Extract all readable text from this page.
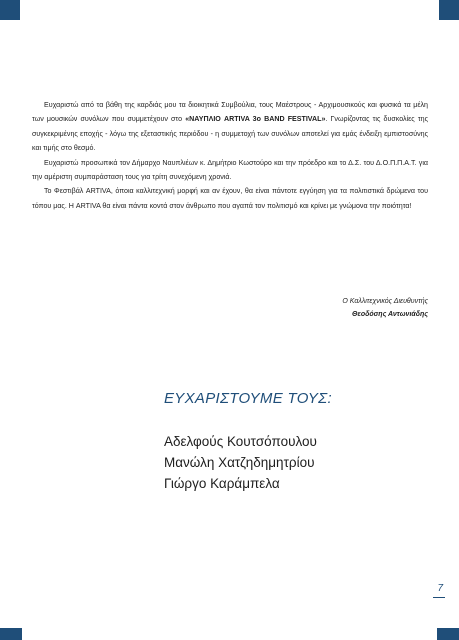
Ευχαριστώ από τα βάθη της καρδιάς μου τα διοικητικά Συμβούλια, τους Μαέστρους - Αρχιμουσικούς και φυσικά τα μέλη των μουσικών συνόλων που συμμετέχουν στο «ΝΑΥΠΛΙΟ ARTIVA 3ο BAND FESTIVAL». Γνωρίζοντας τις δυσκολίες της συγκεκριμένης εποχής - λόγω της εξεταστικής περιόδου - η συμμετοχή των συνόλων αποτελεί για εμάς ένδειξη εμπιστοσύνης και τιμής στο θεσμό.

Ευχαριστώ προσωπικά τον Δήμαρχο Ναυπλιέων κ. Δημήτριο Κωστούρο και την πρόεδρο και το Δ.Σ. του Δ.Ο.Π.Π.Α.Τ. για την αμέριστη συμπαράσταση τους για τρίτη συνεχόμενη χρονιά.

Το Φεστιβάλ ARTIVA, όποια καλλιτεχνική μορφή και αν έχουν, θα είναι πάντοτε εγγύηση για τα πολιτιστικά δρώμενα του τόπου μας. Η ARTIVA θα είναι πάντα κοντά στον άνθρωπο που αγαπά τον πολιτισμό και κρίνει με γνώμονα την ποιότητα!

Ο Καλλιτεχνικός Διευθυντής
Θεοδόσης Αντωνιάδης
ΕΥΧΑΡΙΣΤΟΥΜΕ ΤΟΥΣ:
Αδελφούς Κουτσόπουλου
Μανώλη Χατζηδημητρίου
Γιώργο Καράμπελα
7
